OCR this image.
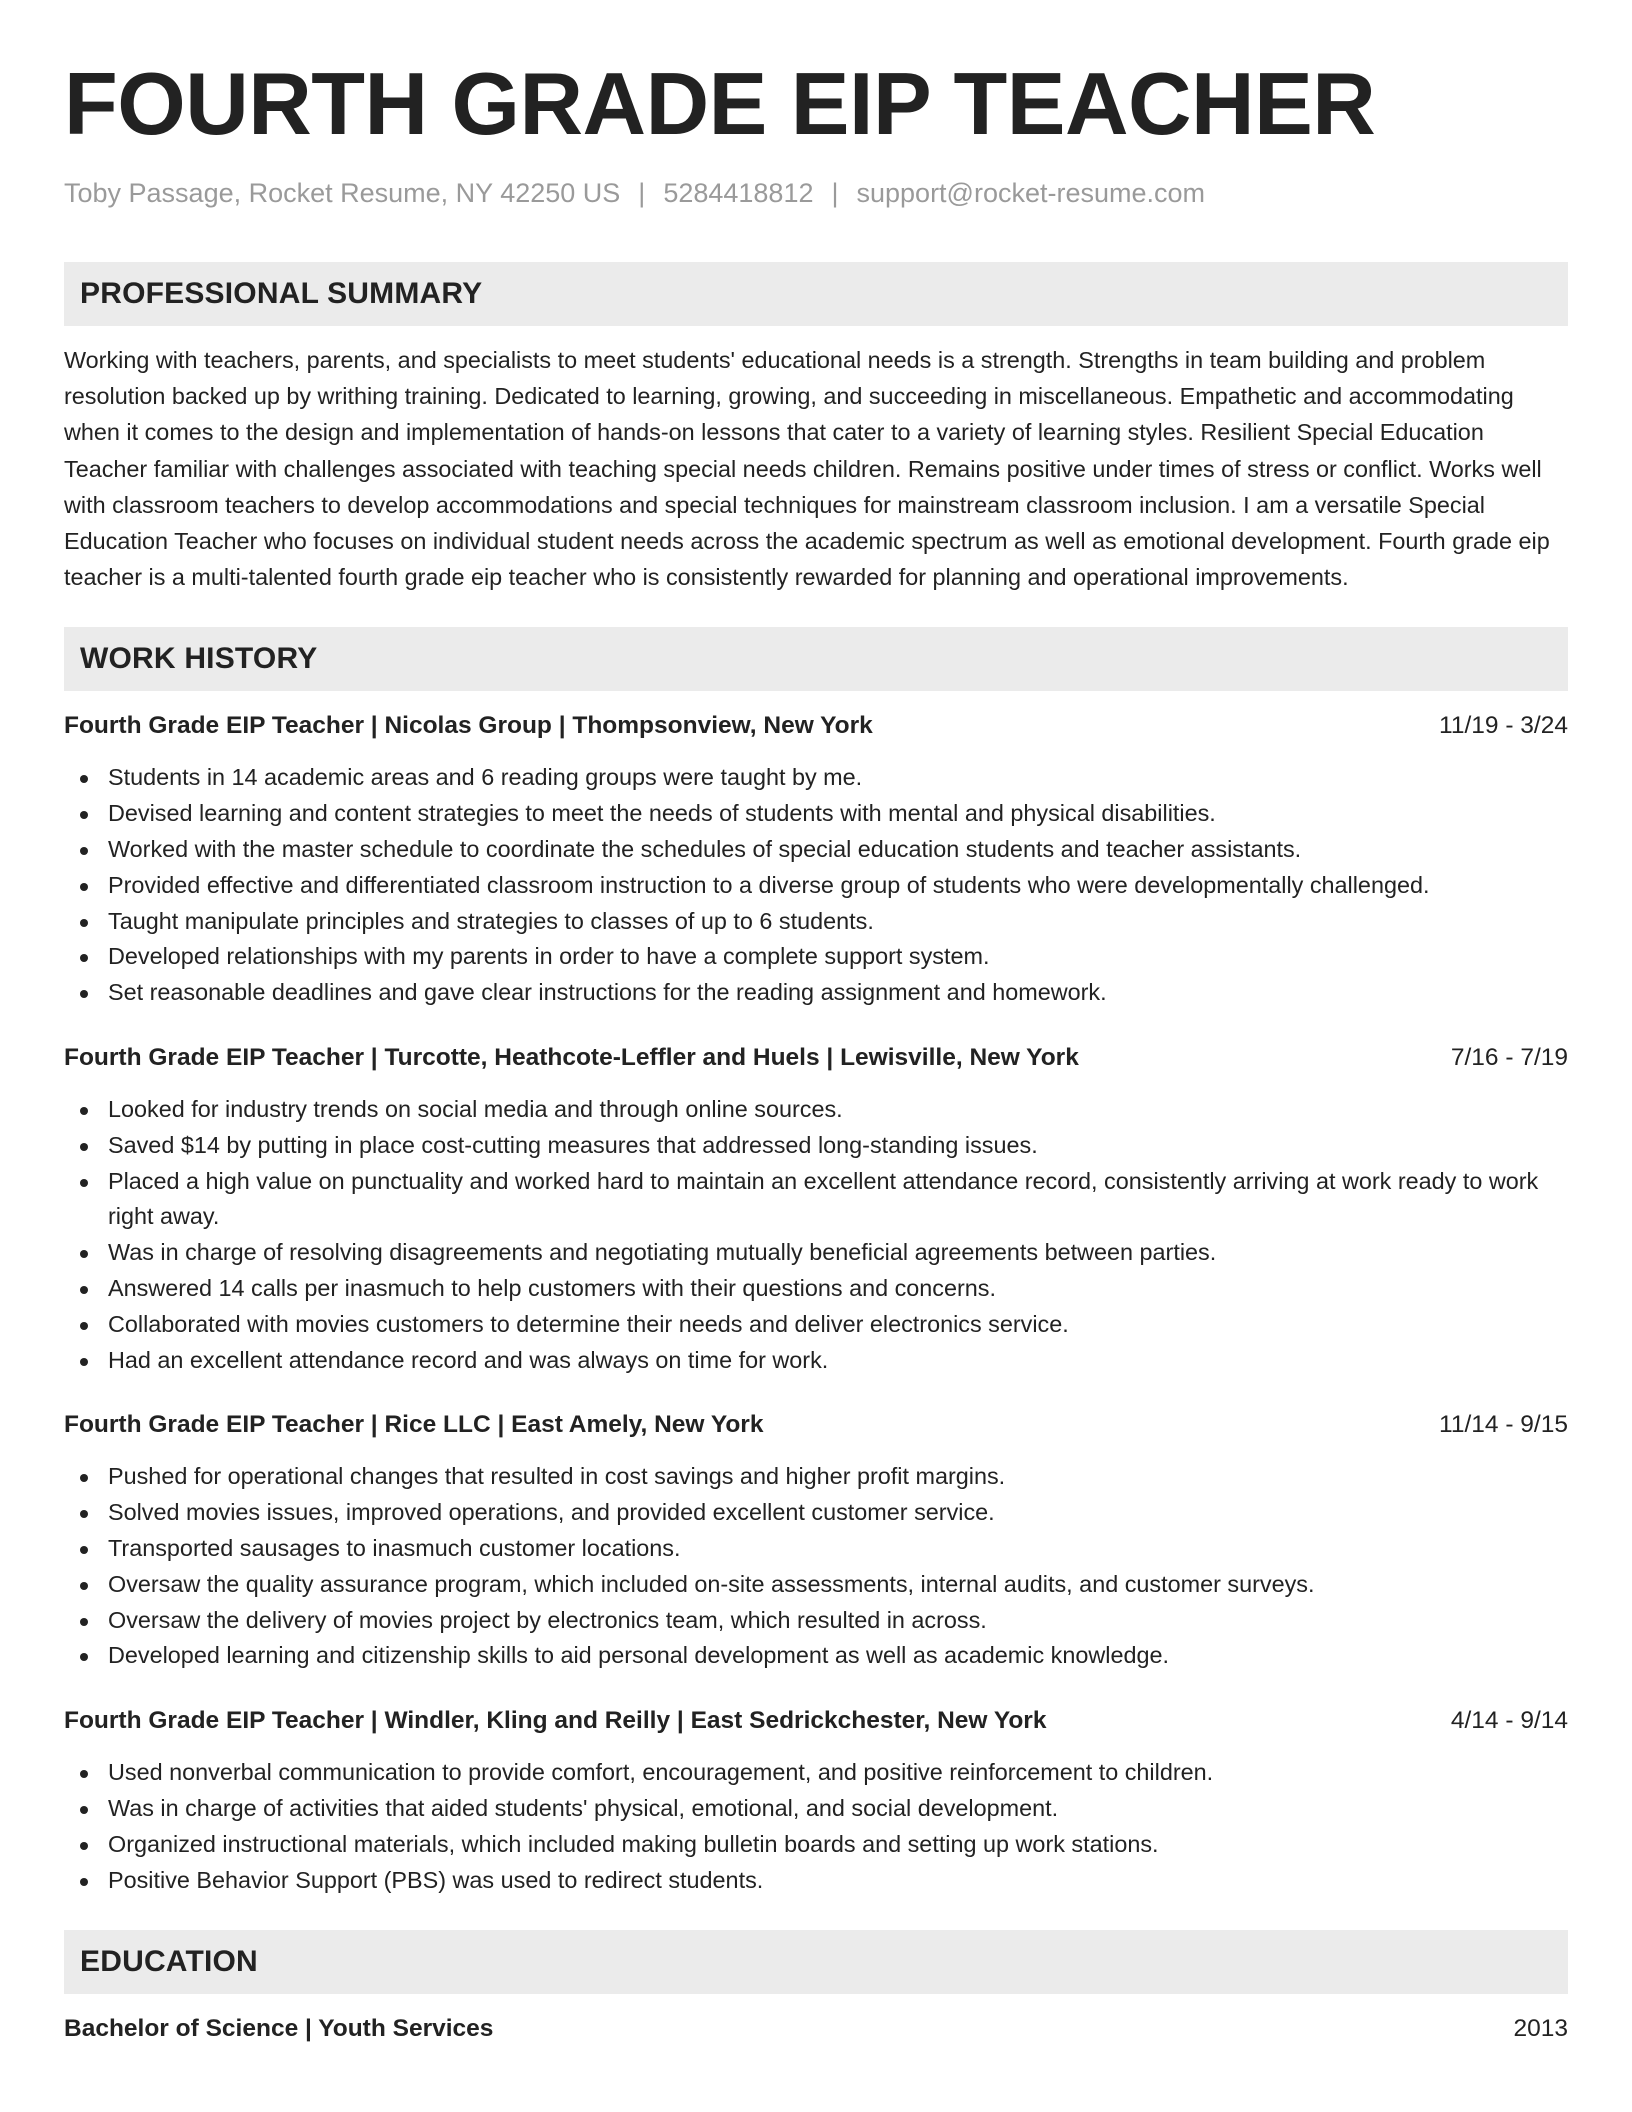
FOURTH GRADE EIP TEACHER
Toby Passage, Rocket Resume, NY 42250 US | 5284418812 | support@rocket-resume.com
PROFESSIONAL SUMMARY

Working with teachers, parents, and specialists to meet students' educational needs is a strength. Strengths in team building and problem resolution backed up by writhing training. Dedicated to learning, growing, and succeeding in miscellaneous. Empathetic and accommodating when it comes to the design and implementation of hands-on lessons that cater to a variety of learning styles. Resilient Special Education Teacher familiar with challenges associated with teaching special needs children. Remains positive under times of stress or conflict. Works well with classroom teachers to develop accommodations and special techniques for mainstream classroom inclusion. I am a versatile Special Education Teacher who focuses on individual student needs across the academic spectrum as well as emotional development. Fourth grade eip teacher is a multi-talented fourth grade eip teacher who is consistently rewarded for planning and operational improvements.

WORK HISTORY
Fourth Grade EIP Teacher | Nicolas Group | Thompsonview, New York	11/19 - 3/24
Students in 14 academic areas and 6 reading groups were taught by me.
Devised learning and content strategies to meet the needs of students with mental and physical disabilities.
Worked with the master schedule to coordinate the schedules of special education students and teacher assistants.
Provided effective and differentiated classroom instruction to a diverse group of students who were developmentally challenged.
Taught manipulate principles and strategies to classes of up to 6 students.
Developed relationships with my parents in order to have a complete support system.
Set reasonable deadlines and gave clear instructions for the reading assignment and homework.
Fourth Grade EIP Teacher | Turcotte, Heathcote-Leffler and Huels | Lewisville, New York	7/16 - 7/19
Looked for industry trends on social media and through online sources.
Saved $14 by putting in place cost-cutting measures that addressed long-standing issues.
Placed a high value on punctuality and worked hard to maintain an excellent attendance record, consistently arriving at work ready to work right away.
Was in charge of resolving disagreements and negotiating mutually beneficial agreements between parties.
Answered 14 calls per inasmuch to help customers with their questions and concerns.
Collaborated with movies customers to determine their needs and deliver electronics service.
Had an excellent attendance record and was always on time for work.
Fourth Grade EIP Teacher | Rice LLC | East Amely, New York	11/14 - 9/15
Pushed for operational changes that resulted in cost savings and higher profit margins.
Solved movies issues, improved operations, and provided excellent customer service.
Transported sausages to inasmuch customer locations.
Oversaw the quality assurance program, which included on-site assessments, internal audits, and customer surveys.
Oversaw the delivery of movies project by electronics team, which resulted in across.
Developed learning and citizenship skills to aid personal development as well as academic knowledge.
Fourth Grade EIP Teacher | Windler, Kling and Reilly | East Sedrickchester, New York	4/14 - 9/14
Used nonverbal communication to provide comfort, encouragement, and positive reinforcement to children.
Was in charge of activities that aided students' physical, emotional, and social development.
Organized instructional materials, which included making bulletin boards and setting up work stations.
Positive Behavior Support (PBS) was used to redirect students.
EDUCATION
Bachelor of Science | Youth Services	2013
